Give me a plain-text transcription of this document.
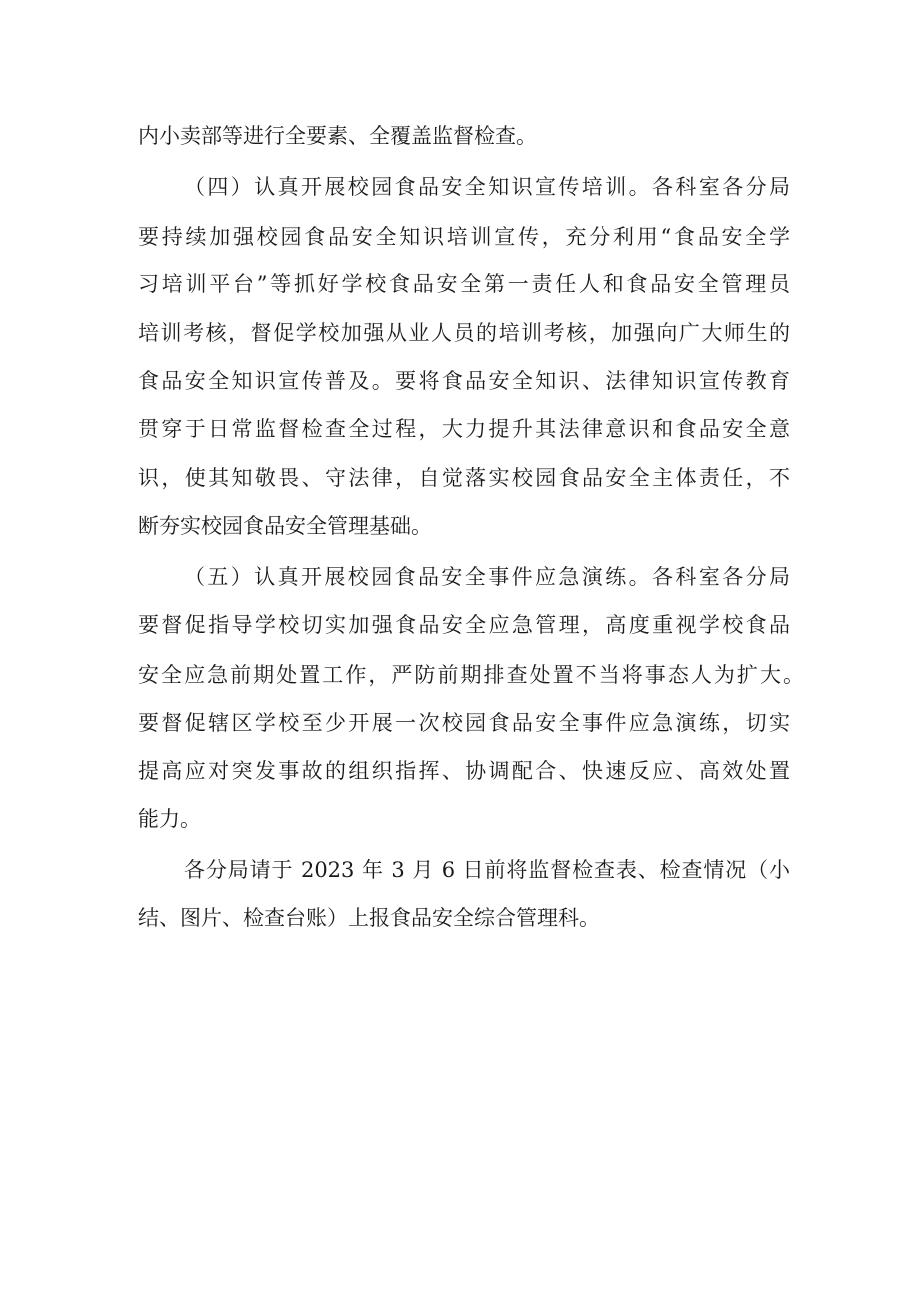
内小卖部等进行全要素、全覆盖监督检查。
（四）认真开展校园食品安全知识宣传培训。各科室各分局
要持续加强校园食品安全知识培训宣传，充分利用“食品安全学
习培训平台”等抓好学校食品安全第一责任人和食品安全管理员
培训考核，督促学校加强从业人员的培训考核，加强向广大师生的
食品安全知识宣传普及。要将食品安全知识、法律知识宣传教育
贯穿于日常监督检查全过程，大力提升其法律意识和食品安全意
识，使其知敬畏、守法律，自觉落实校园食品安全主体责任，不
断夯实校园食品安全管理基础。
（五）认真开展校园食品安全事件应急演练。各科室各分局
要督促指导学校切实加强食品安全应急管理，高度重视学校食品
安全应急前期处置工作，严防前期排查处置不当将事态人为扩大。
要督促辖区学校至少开展一次校园食品安全事件应急演练，切实
提高应对突发事故的组织指挥、协调配合、快速反应、高效处置
能力。
各分局请于 2023 年 3 月 6 日前将监督检查表、检查情况（小
结、图片、检查台账）上报食品安全综合管理科。
